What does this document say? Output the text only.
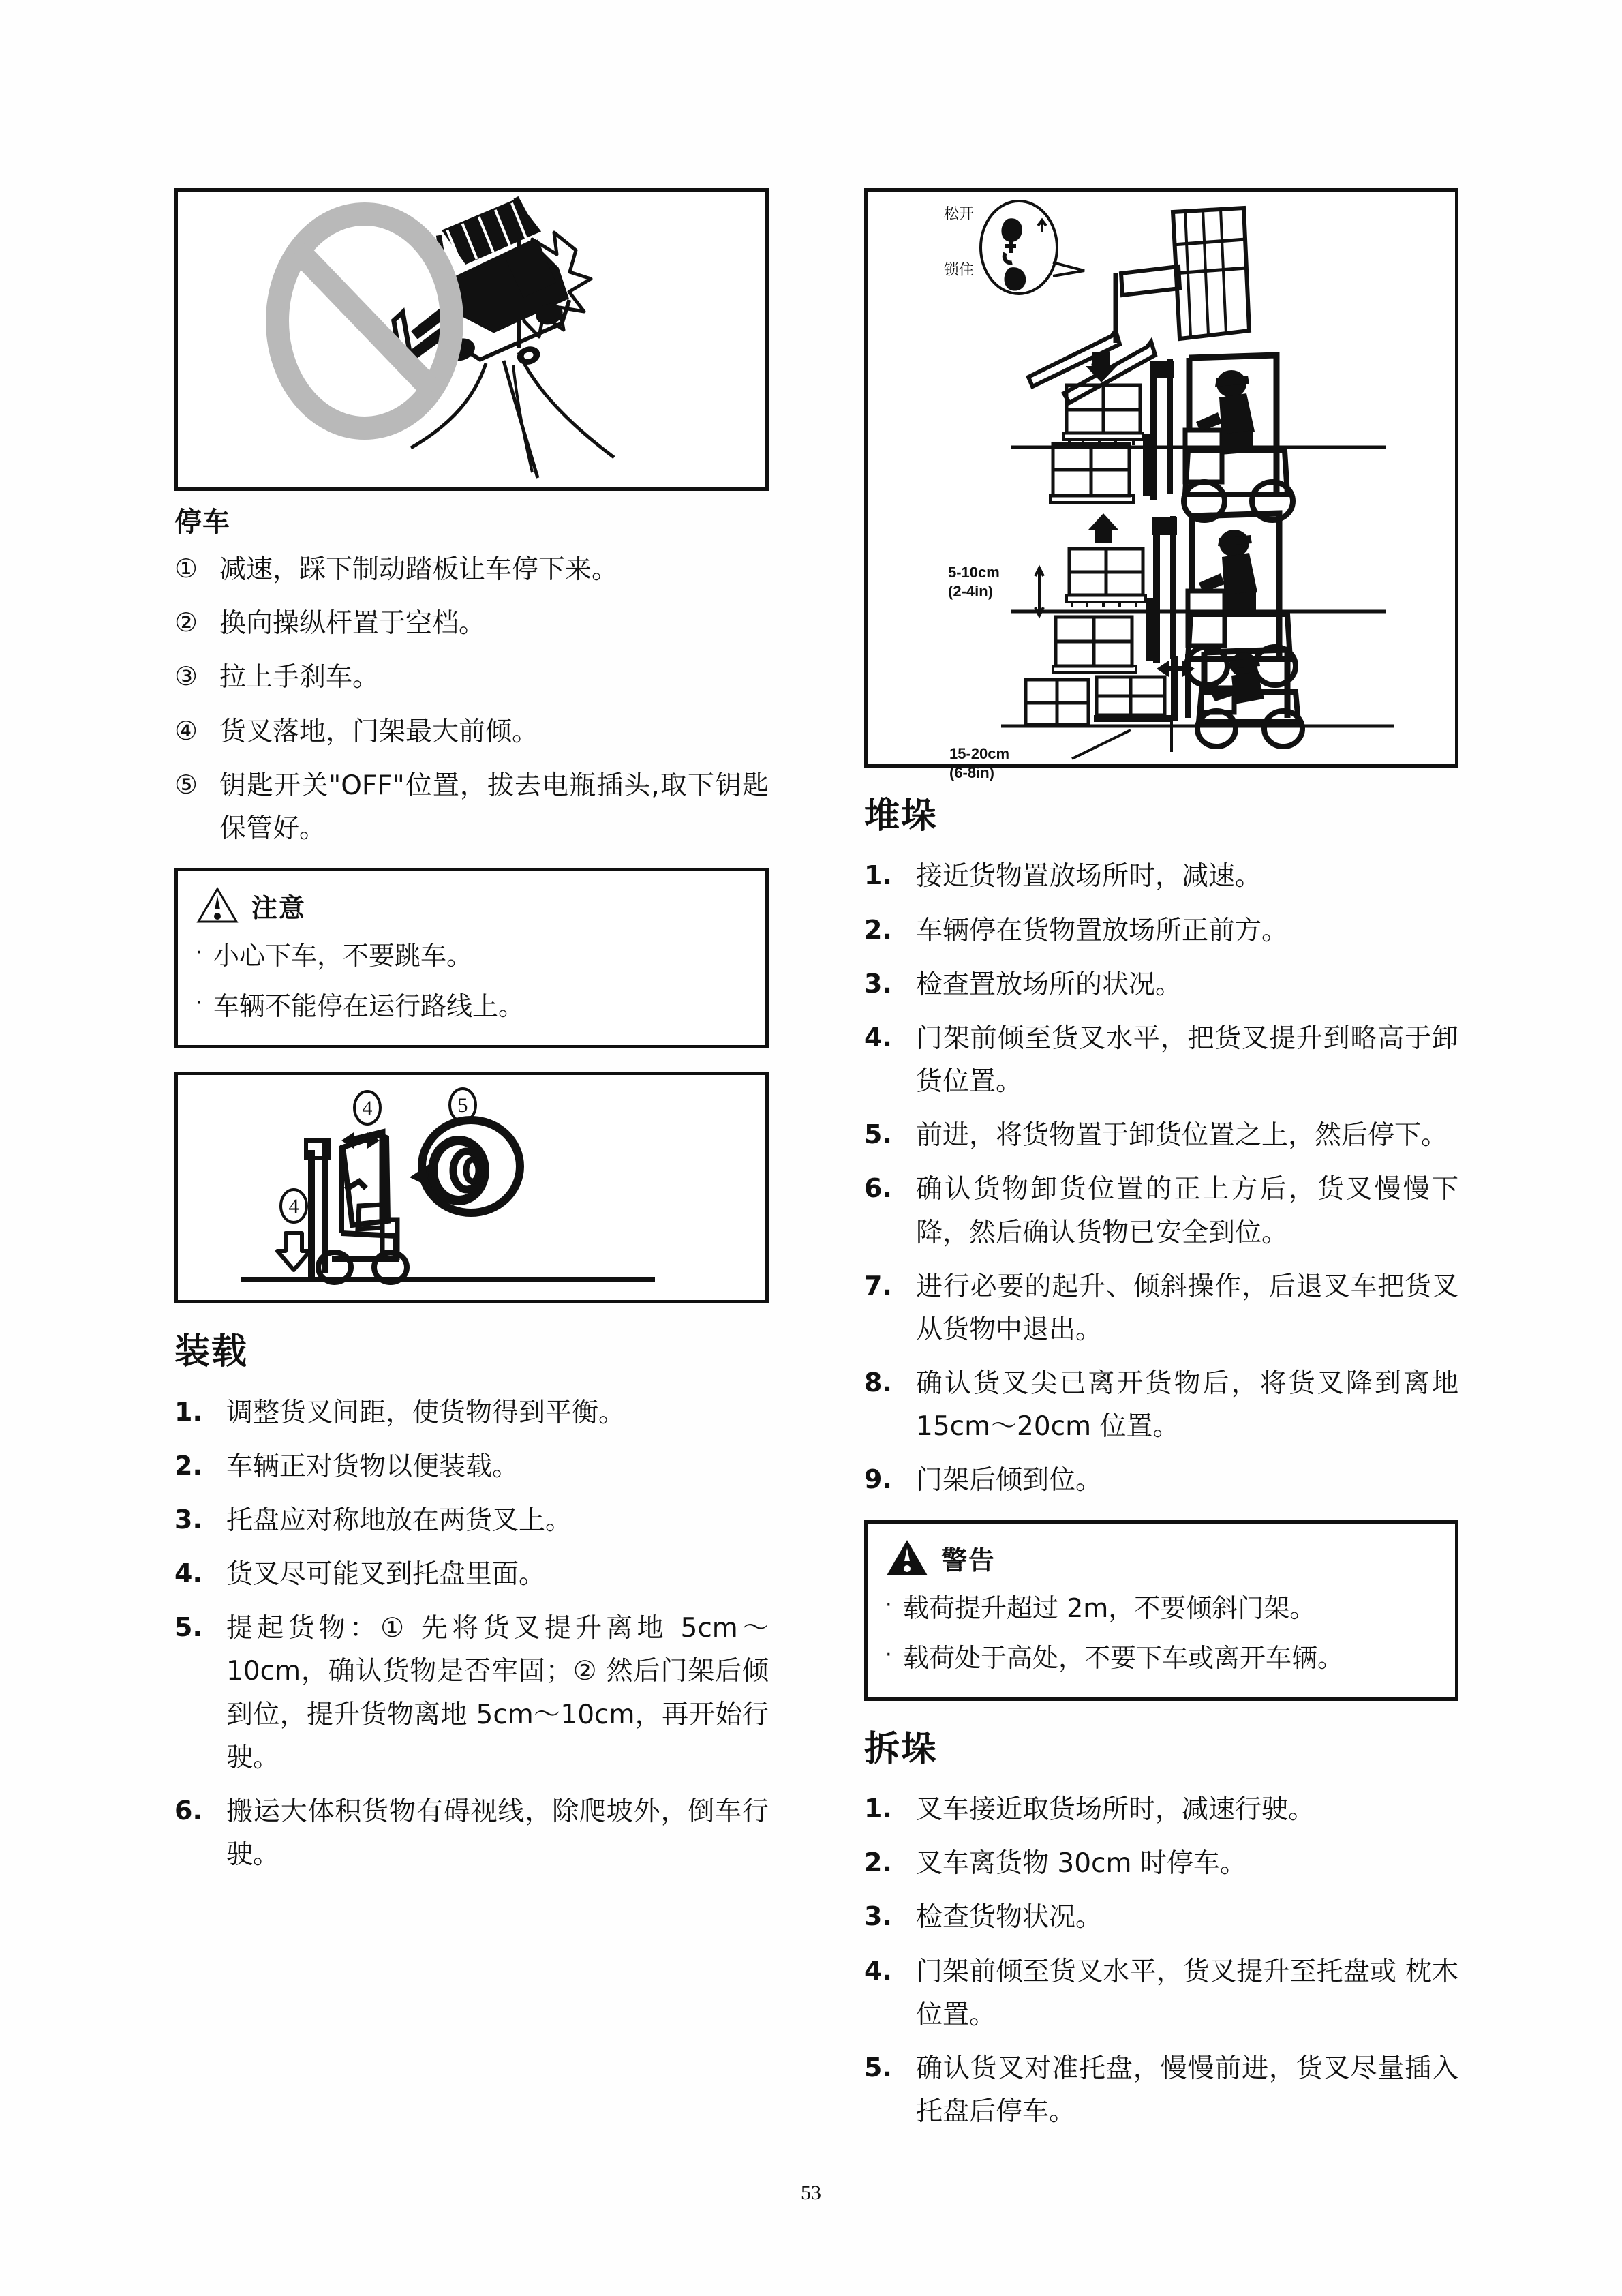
停车
① 减速，踩下制动踏板让车停下来。
② 换向操纵杆置于空档。
③ 拉上手刹车。
④ 货叉落地，门架最大前倾。
⑤ 钥匙开关"OFF"位置，拔去电瓶插头,取下钥匙保管好。
注意
· 小心下车，不要跳车。
· 车辆不能停在运行路线上。
4	5
4
装载
1. 调整货叉间距，使货物得到平衡。
2. 车辆正对货物以便装载。
3. 托盘应对称地放在两货叉上。
4. 货叉尽可能叉到托盘里面。
5. 提起货物：① 先将货叉提升离地 5cm～10cm，确认货物是否牢固；② 然后门架后倾到位，提升货物离地 5cm～10cm，再开始行驶。
6. 搬运大体积货物有碍视线，除爬坡外，倒车行驶。
松开
锁住
5-10cm
(2-4in)
15-20cm
(6-8in)
堆垛
1. 接近货物置放场所时，减速。
2. 车辆停在货物置放场所正前方。
3. 检查置放场所的状况。
4. 门架前倾至货叉水平，把货叉提升到略高于卸货位置。
5. 前进，将货物置于卸货位置之上，然后停下。
6. 确认货物卸货位置的正上方后，货叉慢慢下降，然后确认货物已安全到位。
7. 进行必要的起升、倾斜操作，后退叉车把货叉从货物中退出。
8. 确认货叉尖已离开货物后，将货叉降到离地 15cm～20cm 位置。
9. 门架后倾到位。
警告
· 载荷提升超过 2m，不要倾斜门架。
· 载荷处于高处，不要下车或离开车辆。
拆垛
1. 叉车接近取货场所时，减速行驶。
2. 叉车离货物 30cm 时停车。
3. 检查货物状况。
4. 门架前倾至货叉水平，货叉提升至托盘或 枕木位置。
5. 确认货叉对准托盘，慢慢前进，货叉尽量插入托盘后停车。
53
